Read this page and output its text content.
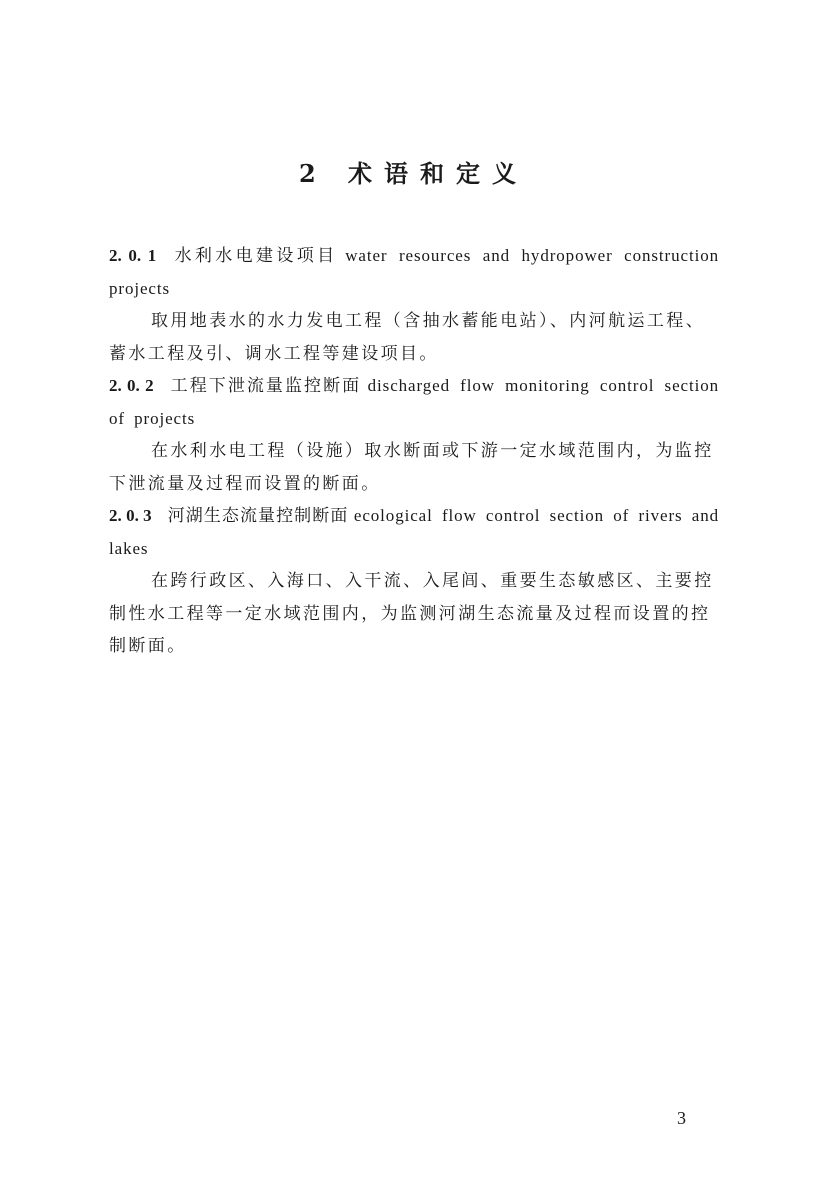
2 术语和定义

2. 0. 1 水利水电建设项目 water resources and hydropower construction projects

取用地表水的水力发电工程（含抽水蓄能电站）、内河航运工程、蓄水工程及引、调水工程等建设项目。

2. 0. 2 工程下泄流量监控断面 discharged flow monitoring control section of projects

在水利水电工程（设施）取水断面或下游一定水域范围内，为监控下泄流量及过程而设置的断面。

2. 0. 3 河湖生态流量控制断面 ecological flow control section of rivers and lakes

在跨行政区、入海口、入干流、入尾闾、重要生态敏感区、主要控制性水工程等一定水域范围内，为监测河湖生态流量及过程而设置的控制断面。

3
